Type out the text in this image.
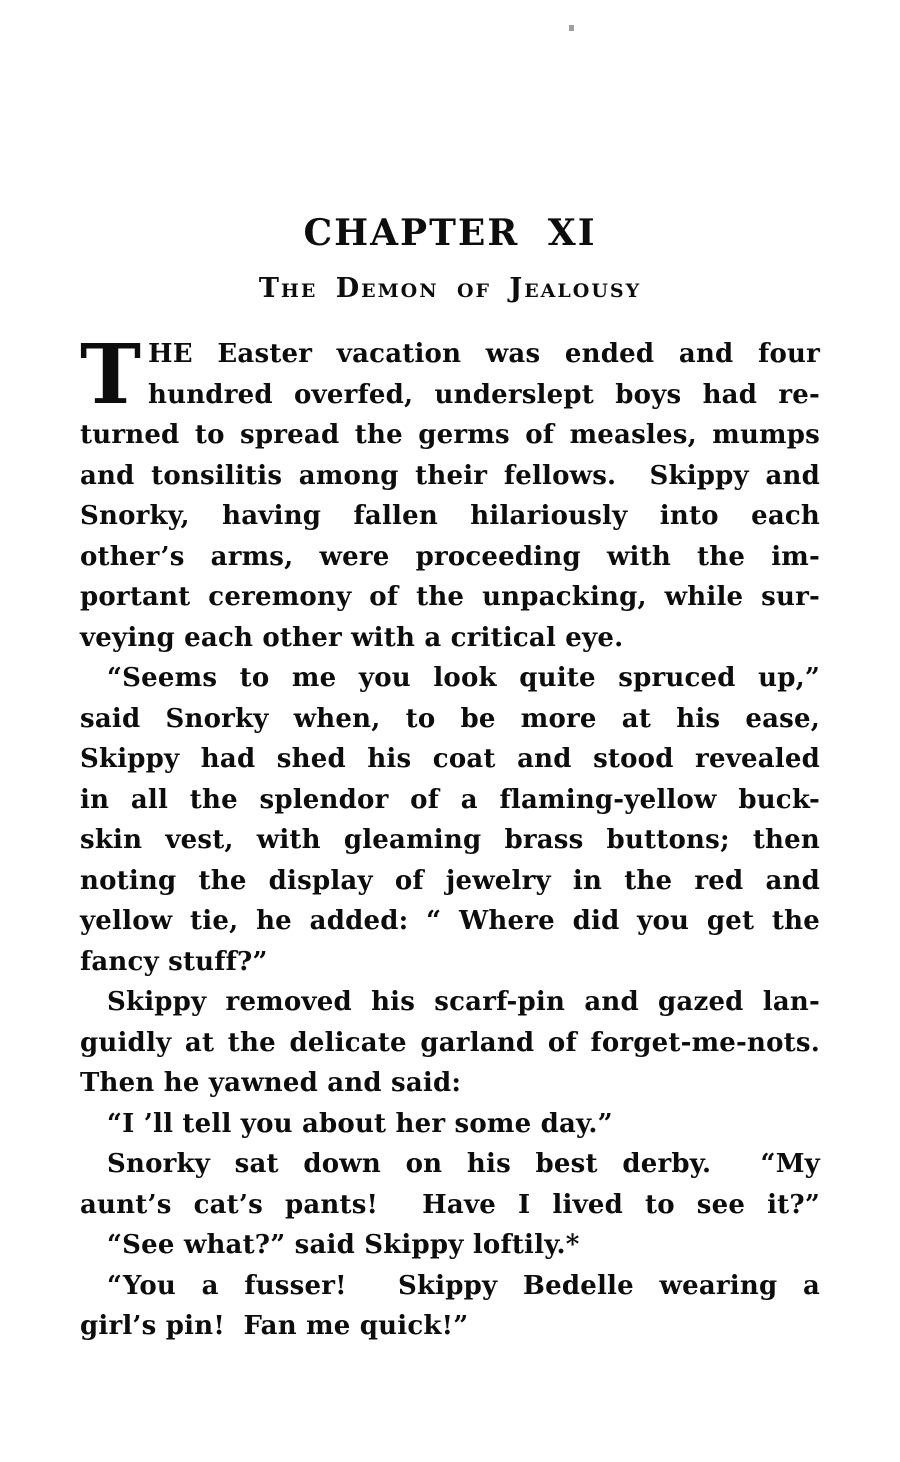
CHAPTER XI
The Demon of Jealousy
T HE Easter vacation was ended and four
hundred overfed, underslept boys had re-
turned to spread the germs of measles, mumps
and tonsilitis among their fellows.  Skippy and
Snorky, having fallen hilariously into each
other’s arms, were proceeding with the im-
portant ceremony of the unpacking, while sur-
veying each other with a critical eye.
“Seems to me you look quite spruced up,”
said Snorky when, to be more at his ease,
Skippy had shed his coat and stood revealed
in all the splendor of a flaming-yellow buck-
skin vest, with gleaming brass buttons; then
noting the display of jewelry in the red and
yellow tie, he added: “ Where did you get the
fancy stuff?”
Skippy removed his scarf-pin and gazed lan-
guidly at the delicate garland of forget-me-nots.
Then he yawned and said:
“I ’ll tell you about her some day.”
Snorky sat down on his best derby.  “My
aunt’s cat’s pants!  Have I lived to see it?”
“See what?” said Skippy loftily.*
“You a fusser!  Skippy Bedelle wearing a
girl’s pin!  Fan me quick!”
